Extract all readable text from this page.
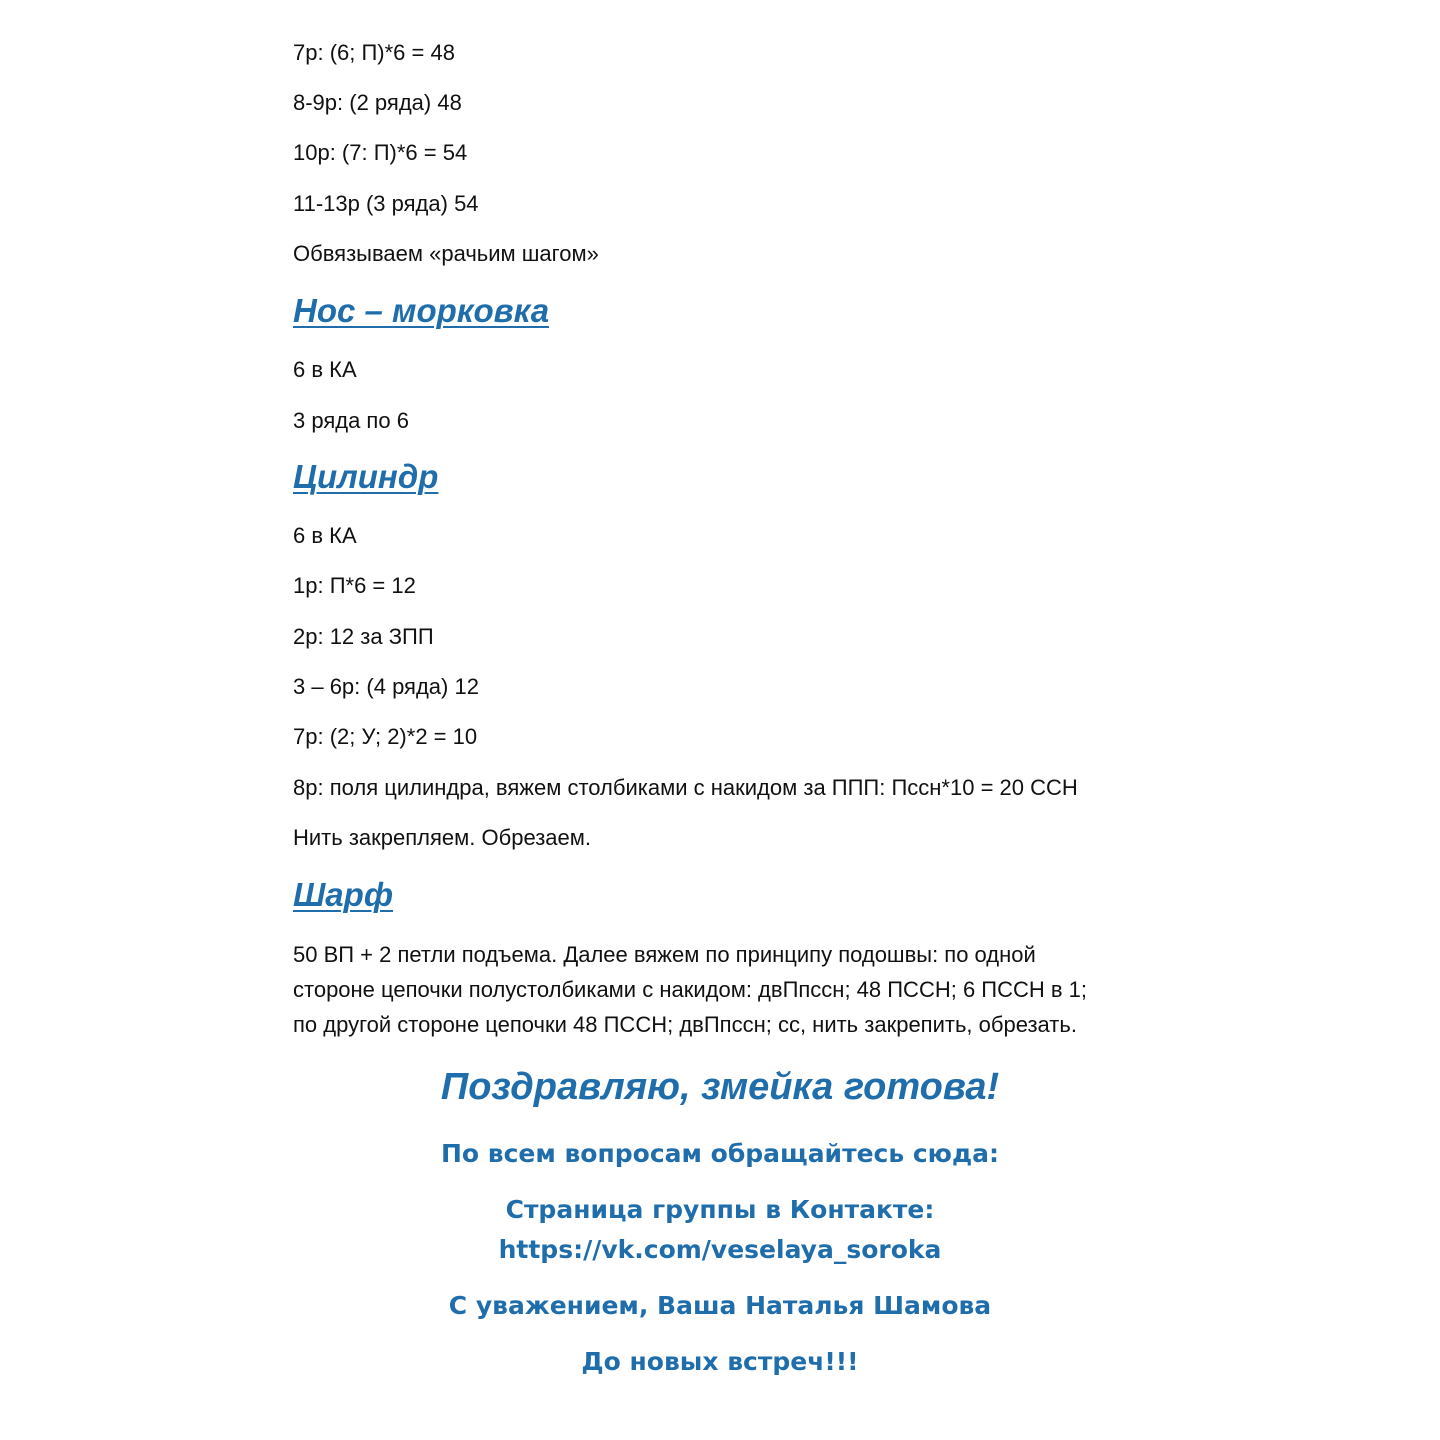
7р: (6; П)*6 = 48
8-9р: (2 ряда) 48
10р: (7: П)*6 = 54
11-13р (3 ряда) 54
Обвязываем «рачьим шагом»
Нос – морковка
6 в КА
3 ряда по 6
Цилиндр
6 в КА
1р: П*6 = 12
2р: 12 за ЗПП
3 – 6р: (4 ряда) 12
7р: (2; У; 2)*2 = 10
8р: поля цилиндра, вяжем столбиками с накидом за ППП: Пссн*10 = 20 ССН
Нить закрепляем. Обрезаем.
Шарф
50 ВП + 2 петли подъема. Далее вяжем по принципу подошвы: по одной
стороне цепочки полустолбиками с накидом: двПпссн; 48 ПССН; 6 ПССН в 1;
по другой стороне цепочки 48 ПССН; двПпссн; сс, нить закрепить, обрезать.
Поздравляю, змейка готова!
По всем вопросам обращайтесь сюда:
Страница группы в Контакте:
https://vk.com/veselaya_soroka
С уважением, Ваша Наталья Шамова
До новых встреч!!!
